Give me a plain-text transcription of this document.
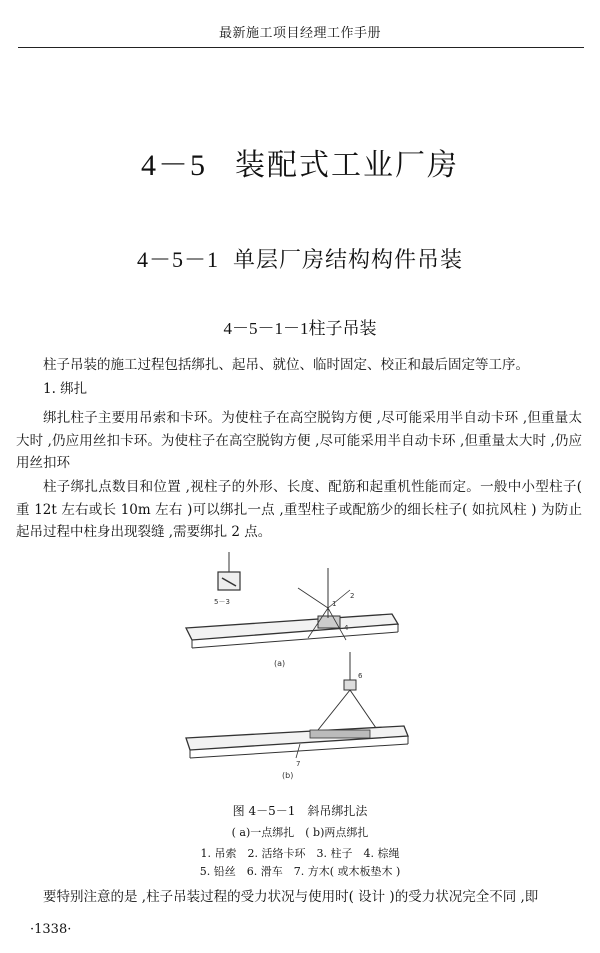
最新施工项目经理工作手册
4－5 装配式工业厂房
4－5－1 单层厂房结构构件吊装
4－5－1－1柱子吊装

柱子吊装的施工过程包括绑扎、起吊、就位、临时固定、校正和最后固定等工序。

1. 绑扎

绑扎柱子主要用吊索和卡环。为使柱子在高空脱钩方便 ,尽可能采用半自动卡环 ,但重量太大时 ,仍应用丝扣卡环。为使柱子在高空脱钩方便 ,尽可能采用半自动卡环 ,但重量太大时 ,仍应用丝扣环

柱子绑扎点数目和位置 ,视柱子的外形、长度、配筋和起重机性能而定。一般中小型柱子( 重 12t 左右或长 10m 左右 )可以绑扎一点 ,重型柱子或配筋少的细长柱子( 如抗风柱 ) 为防止起吊过程中柱身出现裂缝 ,需要绑扎 2 点。

5－3	1
2
4
(a)
6
7
(b)
图 4－5－1　斜吊绑扎法
( a)一点绑扎　( b)两点绑扎
1. 吊索　2. 活络卡环　3. 柱子　4. 棕绳
5. 铅丝　6. 滑车　7. 方木( 或木板垫木 )

要特别注意的是 ,柱子吊装过程的受力状况与使用时( 设计 )的受力状况完全不同 ,即

·1338·
